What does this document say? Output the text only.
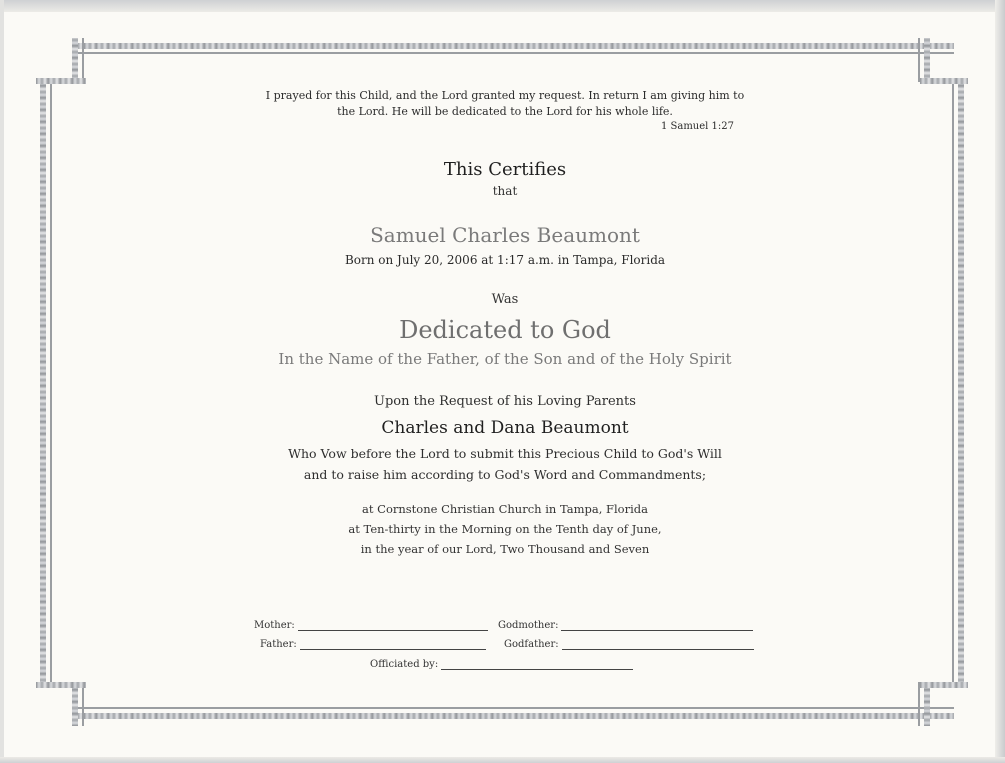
I prayed for this Child, and the Lord granted my request. In return I am giving him to
the Lord. He will be dedicated to the Lord for his whole life.
1 Samuel 1:27
This Certifies
that
Samuel Charles Beaumont
Born on July 20, 2006 at 1:17 a.m. in Tampa, Florida
Was
Dedicated to God
In the Name of the Father, of the Son and of the Holy Spirit
Upon the Request of his Loving Parents
Charles and Dana Beaumont
Who Vow before the Lord to submit this Precious Child to God's Will
and to raise him according to God's Word and Commandments;
at Cornstone Christian Church in Tampa, Florida
at Ten-thirty in the Morning on the Tenth day of June,
in the year of our Lord, Two Thousand and Seven
Mother:	Godmother:
Father:	Godfather:
Officiated by:
